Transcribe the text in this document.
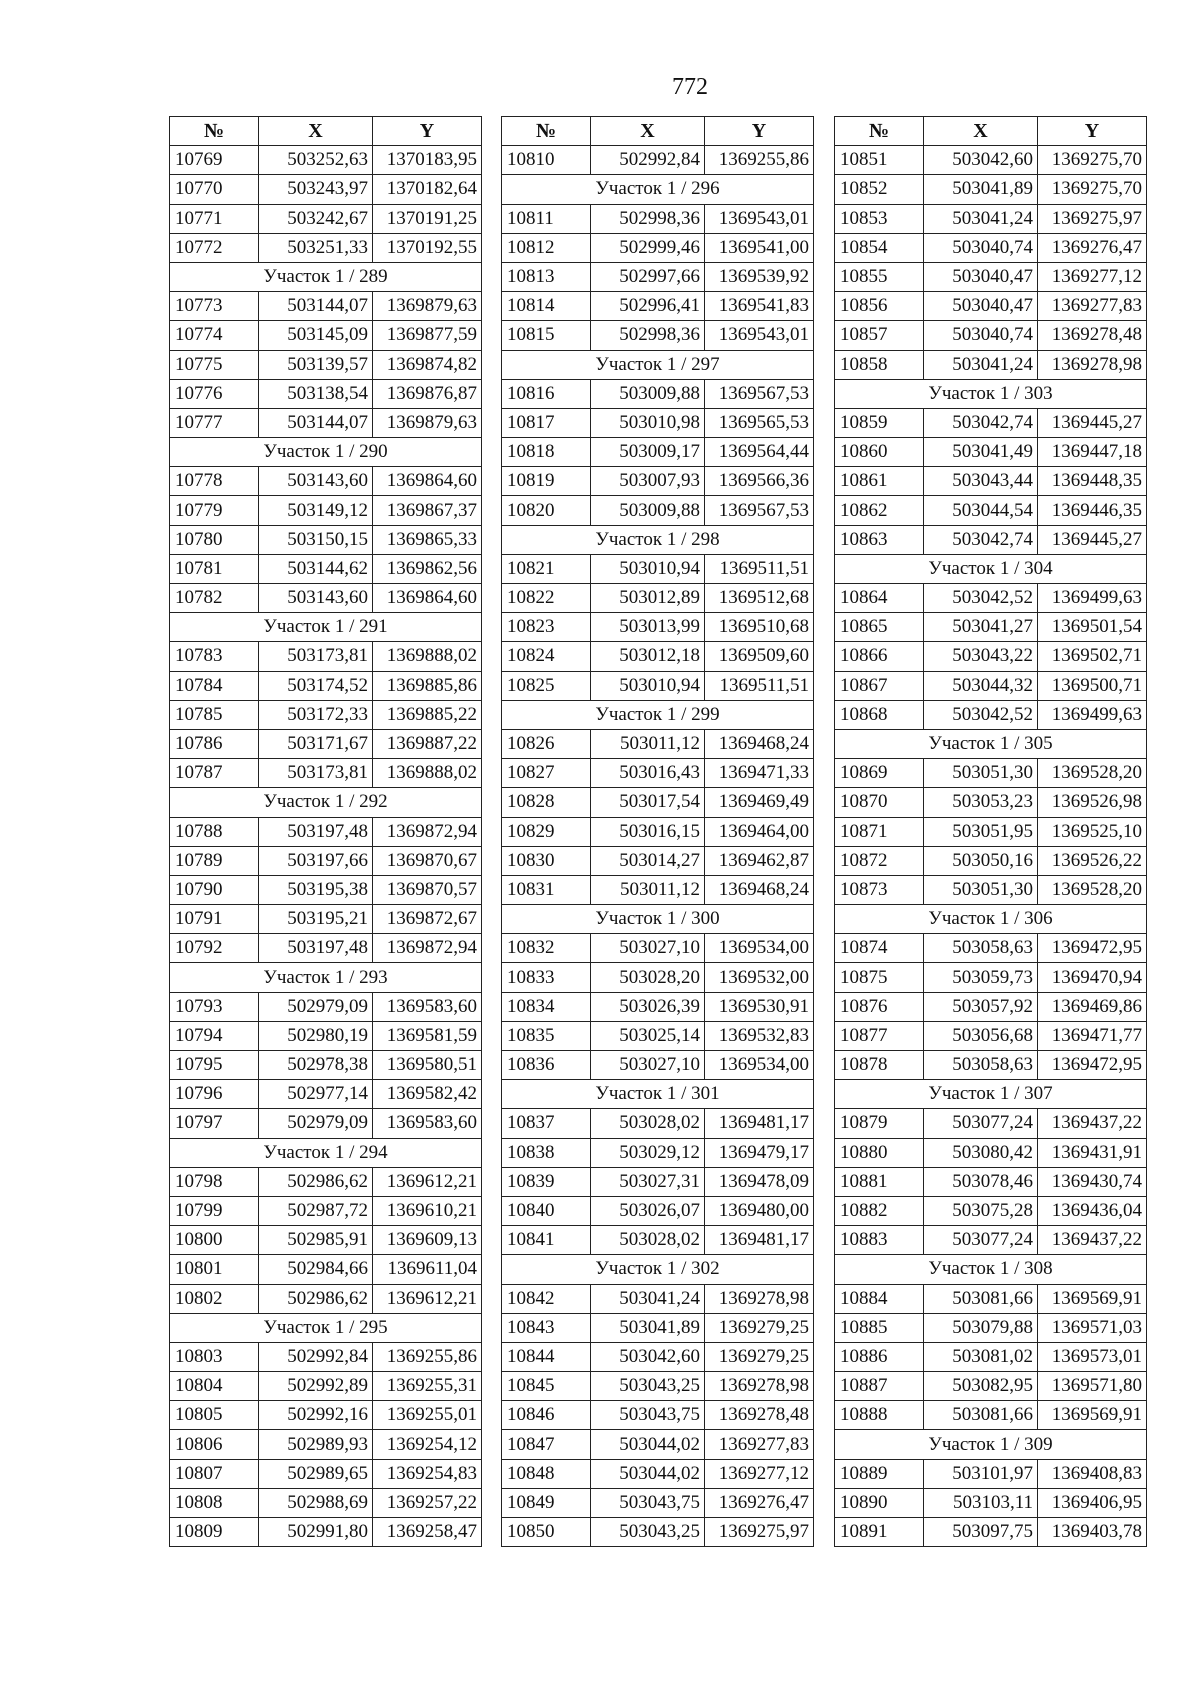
772
№	X	Y
10769	503252,63	1370183,95
10770	503243,97	1370182,64
10771	503242,67	1370191,25
10772	503251,33	1370192,55
Участок 1 / 289		
10773	503144,07	1369879,63
10774	503145,09	1369877,59
10775	503139,57	1369874,82
10776	503138,54	1369876,87
10777	503144,07	1369879,63
Участок 1 / 290		
10778	503143,60	1369864,60
10779	503149,12	1369867,37
10780	503150,15	1369865,33
10781	503144,62	1369862,56
10782	503143,60	1369864,60
Участок 1 / 291		
10783	503173,81	1369888,02
10784	503174,52	1369885,86
10785	503172,33	1369885,22
10786	503171,67	1369887,22
10787	503173,81	1369888,02
Участок 1 / 292		
10788	503197,48	1369872,94
10789	503197,66	1369870,67
10790	503195,38	1369870,57
10791	503195,21	1369872,67
10792	503197,48	1369872,94
Участок 1 / 293		
10793	502979,09	1369583,60
10794	502980,19	1369581,59
10795	502978,38	1369580,51
10796	502977,14	1369582,42
10797	502979,09	1369583,60
Участок 1 / 294		
10798	502986,62	1369612,21
10799	502987,72	1369610,21
10800	502985,91	1369609,13
10801	502984,66	1369611,04
10802	502986,62	1369612,21
Участок 1 / 295		
10803	502992,84	1369255,86
10804	502992,89	1369255,31
10805	502992,16	1369255,01
10806	502989,93	1369254,12
10807	502989,65	1369254,83
10808	502988,69	1369257,22
10809	502991,80	1369258,47
№	X	Y
10810	502992,84	1369255,86
Участок 1 / 296		
10811	502998,36	1369543,01
10812	502999,46	1369541,00
10813	502997,66	1369539,92
10814	502996,41	1369541,83
10815	502998,36	1369543,01
Участок 1 / 297		
10816	503009,88	1369567,53
10817	503010,98	1369565,53
10818	503009,17	1369564,44
10819	503007,93	1369566,36
10820	503009,88	1369567,53
Участок 1 / 298		
10821	503010,94	1369511,51
10822	503012,89	1369512,68
10823	503013,99	1369510,68
10824	503012,18	1369509,60
10825	503010,94	1369511,51
Участок 1 / 299		
10826	503011,12	1369468,24
10827	503016,43	1369471,33
10828	503017,54	1369469,49
10829	503016,15	1369464,00
10830	503014,27	1369462,87
10831	503011,12	1369468,24
Участок 1 / 300		
10832	503027,10	1369534,00
10833	503028,20	1369532,00
10834	503026,39	1369530,91
10835	503025,14	1369532,83
10836	503027,10	1369534,00
Участок 1 / 301		
10837	503028,02	1369481,17
10838	503029,12	1369479,17
10839	503027,31	1369478,09
10840	503026,07	1369480,00
10841	503028,02	1369481,17
Участок 1 / 302		
10842	503041,24	1369278,98
10843	503041,89	1369279,25
10844	503042,60	1369279,25
10845	503043,25	1369278,98
10846	503043,75	1369278,48
10847	503044,02	1369277,83
10848	503044,02	1369277,12
10849	503043,75	1369276,47
10850	503043,25	1369275,97
№	X	Y
10851	503042,60	1369275,70
10852	503041,89	1369275,70
10853	503041,24	1369275,97
10854	503040,74	1369276,47
10855	503040,47	1369277,12
10856	503040,47	1369277,83
10857	503040,74	1369278,48
10858	503041,24	1369278,98
Участок 1 / 303		
10859	503042,74	1369445,27
10860	503041,49	1369447,18
10861	503043,44	1369448,35
10862	503044,54	1369446,35
10863	503042,74	1369445,27
Участок 1 / 304		
10864	503042,52	1369499,63
10865	503041,27	1369501,54
10866	503043,22	1369502,71
10867	503044,32	1369500,71
10868	503042,52	1369499,63
Участок 1 / 305		
10869	503051,30	1369528,20
10870	503053,23	1369526,98
10871	503051,95	1369525,10
10872	503050,16	1369526,22
10873	503051,30	1369528,20
Участок 1 / 306		
10874	503058,63	1369472,95
10875	503059,73	1369470,94
10876	503057,92	1369469,86
10877	503056,68	1369471,77
10878	503058,63	1369472,95
Участок 1 / 307		
10879	503077,24	1369437,22
10880	503080,42	1369431,91
10881	503078,46	1369430,74
10882	503075,28	1369436,04
10883	503077,24	1369437,22
Участок 1 / 308		
10884	503081,66	1369569,91
10885	503079,88	1369571,03
10886	503081,02	1369573,01
10887	503082,95	1369571,80
10888	503081,66	1369569,91
Участок 1 / 309		
10889	503101,97	1369408,83
10890	503103,11	1369406,95
10891	503097,75	1369403,78
